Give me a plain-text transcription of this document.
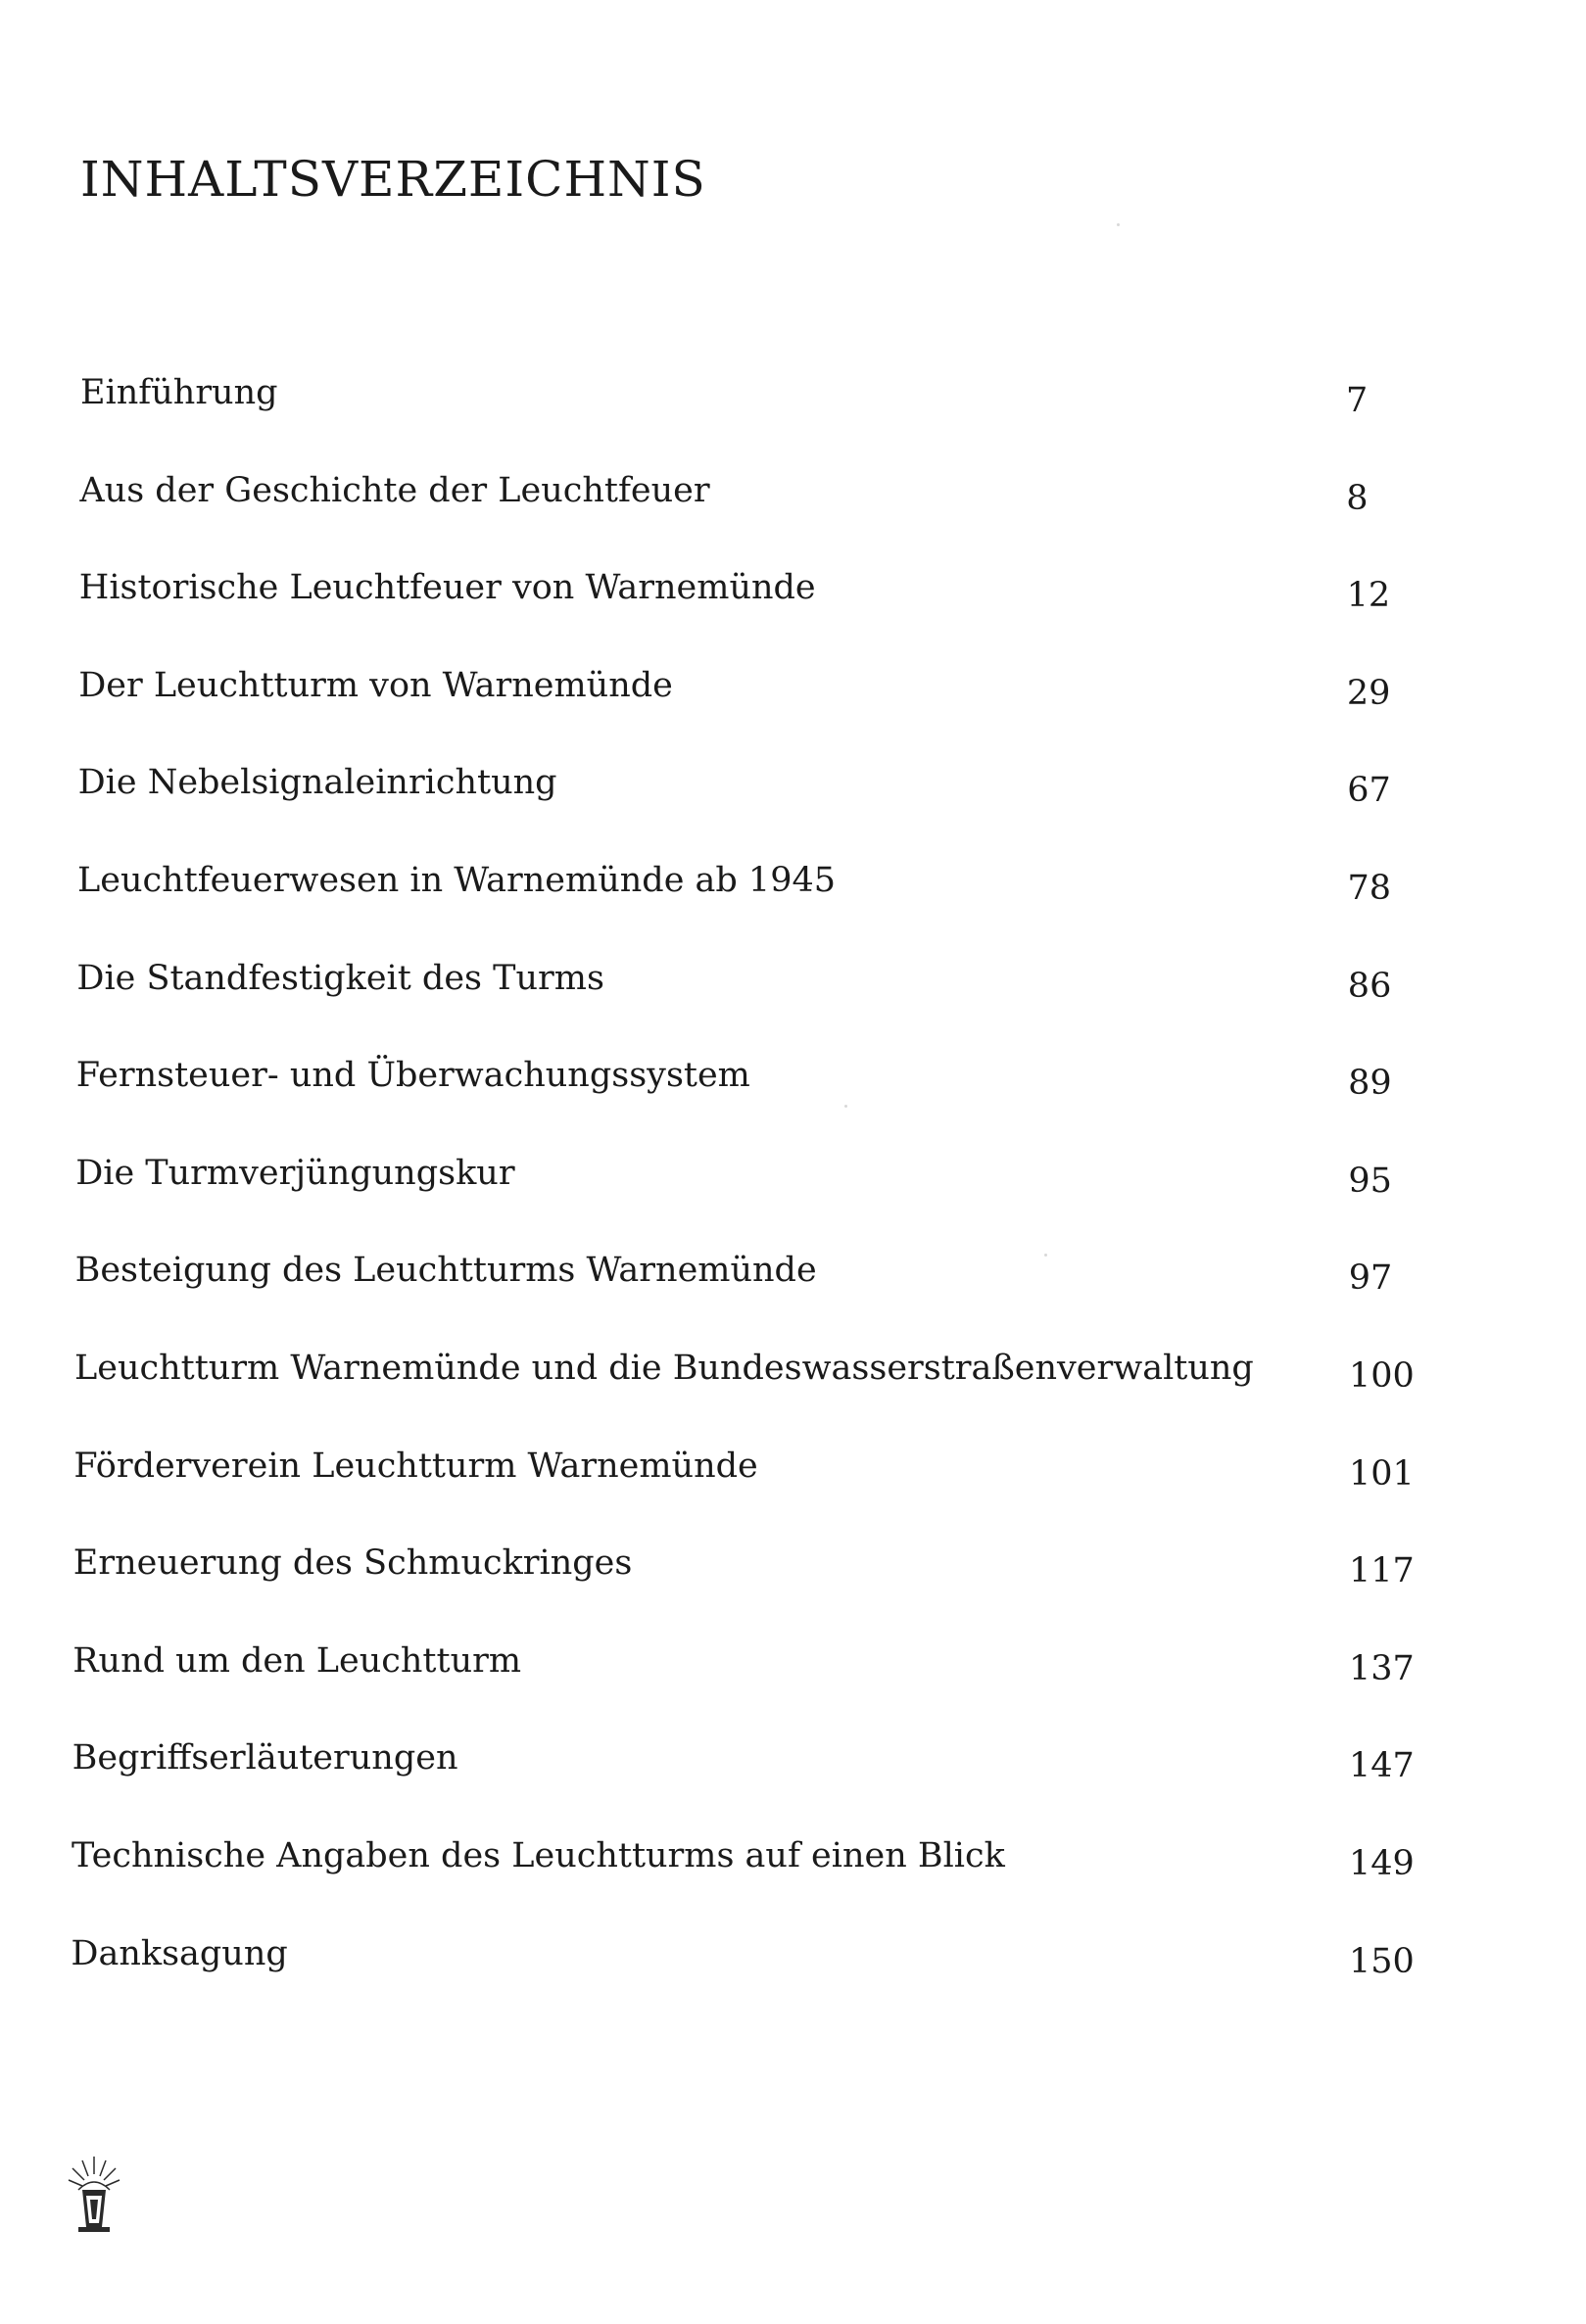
INHALTSVERZEICHNIS
Einführung	7
Aus der Geschichte der Leuchtfeuer	8
Historische Leuchtfeuer von Warnemünde	12
Der Leuchtturm von Warnemünde	29
Die Nebelsignaleinrichtung	67
Leuchtfeuerwesen in Warnemünde ab 1945	78
Die Standfestigkeit des Turms	86
Fernsteuer- und Überwachungssystem	89
Die Turmverjüngungskur	95
Besteigung des Leuchtturms Warnemünde	97
Leuchtturm Warnemünde und die Bundeswasserstraßenverwaltung	100
Förderverein Leuchtturm Warnemünde	101
Erneuerung des Schmuckringes	117
Rund um den Leuchtturm	137
Begriffserläuterungen	147
Technische Angaben des Leuchtturms auf einen Blick	149
Danksagung	150
